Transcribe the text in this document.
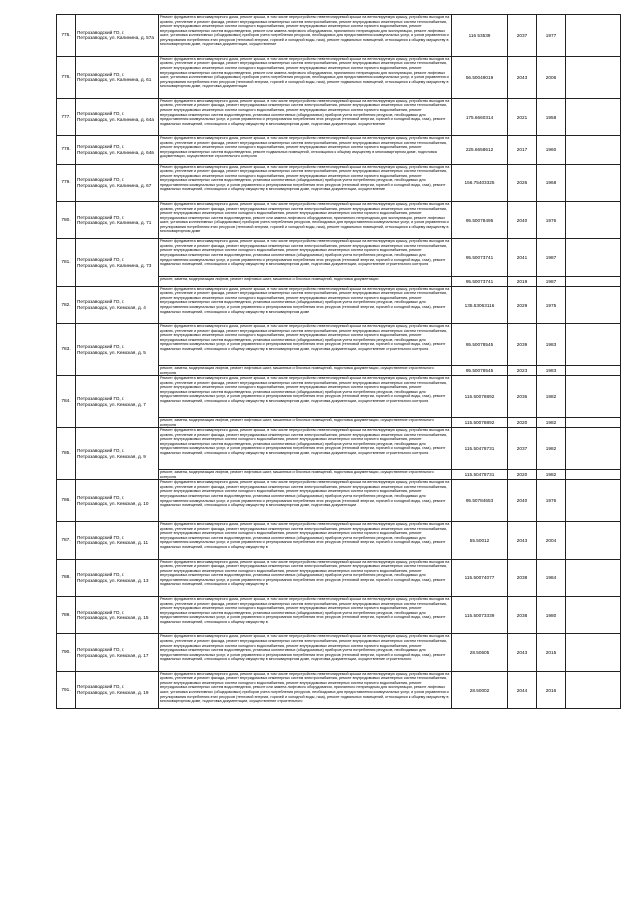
775.	Петрозаводский ГО, г. Петрозаводск, ул. Калинина, д. 57а	Ремонт фундамента многоквартирного дома, ремонт крыши, в том числе переустройство невентилируемой крыши на вентилируемую крышу, устройство выходов на кровлю, утепление и ремонт фасада, ремонт внутридомовых инженерных систем электроснабжения, ремонт внутридомовых инженерных систем теплоснабжения, ремонт внутридомовых инженерных систем холодного водоснабжения, ремонт внутридомовых инженерных систем горячего водоснабжения, ремонт внутридомовых инженерных систем водоотведения, ремонт или замена лифтового оборудования, признанного непригодным для эксплуатации, ремонт лифтовых шахт, установка коллективных (общедомовых) приборов учета потребления ресурсов, необходимых для предоставления коммунальных услуг, и узлов управления и регулирования потребления этих ресурсов (тепловой энергии, горячей и холодной воды, газа), ремонт подвальных помещений, относящихся к общему имуществу в многоквартирном доме, подготовка документации, осуществление	116 53539	2037	1977	
776.	Петрозаводский ГО, г. Петрозаводск, ул. Калинина, д. 61	Ремонт фундамента многоквартирного дома, ремонт крыши, в том числе переустройство невентилируемой крыши на вентилируемую крышу, устройство выходов на кровлю, утепление и ремонт фасада, ремонт внутридомовых инженерных систем электроснабжения, ремонт внутридомовых инженерных систем теплоснабжения, ремонт внутридомовых инженерных систем холодного водоснабжения, ремонт внутридомовых инженерных систем горячего водоснабжения, ремонт внутридомовых инженерных систем водоотведения, ремонт или замена лифтового оборудования, признанного непригодным для эксплуатации, ремонт лифтовых шахт, установка коллективных (общедомовых) приборов учета потребления ресурсов, необходимых для предоставления коммунальных услуг, и узлов управления и регулирования потребления этих ресурсов (тепловой энергии, горячей и холодной воды, газа), ремонт подвальных помещений, относящихся к общему имуществу в многоквартирном доме, подготовка документации	56.50049019	2043	2006	
777.	Петрозаводский ГО, г. Петрозаводск, ул. Калинина, д. 64а	Ремонт фундамента многоквартирного дома, ремонт крыши, в том числе переустройство невентилируемой крыши на вентилируемую крышу, устройство выходов на кровлю, утепление и ремонт фасада, ремонт внутридомовых инженерных систем электроснабжения, ремонт внутридомовых инженерных систем теплоснабжения, ремонт внутридомовых инженерных систем холодного водоснабжения, ремонт внутридомовых инженерных систем горячего водоснабжения, ремонт внутридомовых инженерных систем водоотведения, установка коллективных (общедомовых) приборов учета потребления ресурсов, необходимых для предоставления коммунальных услуг, и узлов управления и регулирования потребления этих ресурсов (тепловой энергии, горячей и холодной воды, газа), ремонт подвальных помещений, относящихся к общему имуществу в многоквартирном доме, подготовка документации, осуществление	175.6660314	2021	1958	
778.	Петрозаводский ГО, г. Петрозаводск, ул. Калинина, д. 64в	Ремонт фундамента многоквартирного дома, ремонт крыши, в том числе переустройство невентилируемой крыши на вентилируемую крышу, устройство выходов на кровлю, утепление и ремонт фасада, ремонт внутридомовых инженерных систем электроснабжения, ремонт внутридомовых инженерных систем теплоснабжения, ремонт внутридомовых инженерных систем холодного водоснабжения, ремонт внутридомовых инженерных систем горячего водоснабжения, ремонт внутридомовых инженерных систем водоотведения, ремонт подвальных помещений, относящихся к общему имуществу в многоквартирном доме, подготовка документации, осуществление строительного контроля	225.6658612	2017	1960	
779.	Петрозаводский ГО, г. Петрозаводск, ул. Калинина, д. 67	Ремонт фундамента многоквартирного дома, ремонт крыши, в том числе переустройство невентилируемой крыши на вентилируемую крышу, устройство выходов на кровлю, утепление и ремонт фасада, ремонт внутридомовых инженерных систем электроснабжения, ремонт внутридомовых инженерных систем теплоснабжения, ремонт внутридомовых инженерных систем холодного водоснабжения, ремонт внутридомовых инженерных систем горячего водоснабжения, ремонт внутридомовых инженерных систем водоотведения, установка коллективных (общедомовых) приборов учета потребления ресурсов, необходимых для предоставления коммунальных услуг, и узлов управления и регулирования потребления этих ресурсов (тепловой энергии, горячей и холодной воды, газа), ремонт подвальных помещений, относящихся к общему имуществу в многоквартирном доме, подготовка документации, осуществление	156.75403325	2026	1968	
780.	Петрозаводский ГО, г. Петрозаводск, ул. Калинина, д. 71	Ремонт фундамента многоквартирного дома, ремонт крыши, в том числе переустройство невентилируемой крыши на вентилируемую крышу, устройство выходов на кровлю, утепление и ремонт фасада, ремонт внутридомовых инженерных систем электроснабжения, ремонт внутридомовых инженерных систем теплоснабжения, ремонт внутридомовых инженерных систем холодного водоснабжения, ремонт внутридомовых инженерных систем горячего водоснабжения, ремонт внутридомовых инженерных систем водоотведения, ремонт или замена лифтового оборудования, признанного непригодным для эксплуатации, ремонт лифтовых шахт, установка коллективных (общедомовых) приборов учета потребления ресурсов, необходимых для предоставления коммунальных услуг, и узлов управления и регулирования потребления этих ресурсов (тепловой энергии, горячей и холодной воды, газа), ремонт подвальных помещений, относящихся к общему имуществу в многоквартирном доме	95.50078495	2040	1976	
781.	Петрозаводский ГО, г. Петрозаводск, ул. Калинина, д. 73	Ремонт фундамента многоквартирного дома, ремонт крыши, в том числе переустройство невентилируемой крыши на вентилируемую крышу, устройство выходов на кровлю, утепление и ремонт фасада, ремонт внутридомовых инженерных систем электроснабжения, ремонт внутридомовых инженерных систем теплоснабжения, ремонт внутридомовых инженерных систем холодного водоснабжения, ремонт внутридомовых инженерных систем горячего водоснабжения, ремонт внутридомовых инженерных систем водоотведения, установка коллективных (общедомовых) приборов учета потребления ресурсов, необходимых для предоставления коммунальных услуг, и узлов управления и регулирования потребления этих ресурсов (тепловой энергии, горячей и холодной воды, газа), ремонт подвальных помещений, относящихся к общему имуществу в многоквартирном доме, подготовка документации, осуществление строительного контроля	95.50073741	2041	1987	

		ремонт, замена, модернизация лифтов, ремонт лифтовых шахт, машинных и блочных помещений, подготовка документации	95.50073741	2019	1987	
782.	Петрозаводский ГО, г. Петрозаводск, ул. Кемская, д. 4	Ремонт фундамента многоквартирного дома, ремонт крыши, в том числе переустройство невентилируемой крыши на вентилируемую крышу, устройство выходов на кровлю, утепление и ремонт фасада, ремонт внутридомовых инженерных систем электроснабжения, ремонт внутридомовых инженерных систем теплоснабжения, ремонт внутридомовых инженерных систем холодного водоснабжения, ремонт внутридомовых инженерных систем горячего водоснабжения, ремонт внутридомовых инженерных систем водоотведения, установка коллективных (общедомовых) приборов учета потребления ресурсов, необходимых для предоставления коммунальных услуг, и узлов управления и регулирования потребления этих ресурсов (тепловой энергии, горячей и холодной воды, газа), ремонт подвальных помещений, относящихся к общему имуществу в многоквартирном доме	135.53063116	2029	1975	
783.	Петрозаводский ГО, г. Петрозаводск, ул. Кемская, д. 5	Ремонт фундамента многоквартирного дома, ремонт крыши, в том числе переустройство невентилируемой крыши на вентилируемую крышу, устройство выходов на кровлю, утепление и ремонт фасада, ремонт внутридомовых инженерных систем электроснабжения, ремонт внутридомовых инженерных систем теплоснабжения, ремонт внутридомовых инженерных систем холодного водоснабжения, ремонт внутридомовых инженерных систем горячего водоснабжения, ремонт внутридомовых инженерных систем водоотведения, установка коллективных (общедомовых) приборов учета потребления ресурсов, необходимых для предоставления коммунальных услуг, и узлов управления и регулирования потребления этих ресурсов (тепловой энергии, горячей и холодной воды, газа), ремонт подвальных помещений, относящихся к общему имуществу в многоквартирном доме, подготовка документации, осуществление строительного контроля	95.50078545	2039	1983	

		ремонт, замена, модернизация лифтов, ремонт лифтовых шахт, машинных и блочных помещений, подготовка документации, осуществление строительного контроля	95.50078545	2023	1983	
784.	Петрозаводский ГО, г. Петрозаводск, ул. Кемская, д. 7	Ремонт фундамента многоквартирного дома, ремонт крыши, в том числе переустройство невентилируемой крыши на вентилируемую крышу, устройство выходов на кровлю, утепление и ремонт фасада, ремонт внутридомовых инженерных систем электроснабжения, ремонт внутридомовых инженерных систем теплоснабжения, ремонт внутридомовых инженерных систем холодного водоснабжения, ремонт внутридомовых инженерных систем горячего водоснабжения, ремонт внутридомовых инженерных систем водоотведения, установка коллективных (общедомовых) приборов учета потребления ресурсов, необходимых для предоставления коммунальных услуг, и узлов управления и регулирования потребления этих ресурсов (тепловой энергии, горячей и холодной воды, газа), ремонт подвальных помещений, относящихся к общему имуществу в многоквартирном доме, подготовка документации, осуществление строительного контроля	115.50078892	2036	1982	

		ремонт, замена, модернизация лифтов, ремонт лифтовых шахт, машинных и блочных помещений, подготовка документации, осуществление строительного контроля	115.50078892	2020	1982	
785.	Петрозаводский ГО, г. Петрозаводск, ул. Кемская, д. 9	Ремонт фундамента многоквартирного дома, ремонт крыши, в том числе переустройство невентилируемой крыши на вентилируемую крышу, устройство выходов на кровлю, утепление и ремонт фасада, ремонт внутридомовых инженерных систем электроснабжения, ремонт внутридомовых инженерных систем теплоснабжения, ремонт внутридомовых инженерных систем холодного водоснабжения, ремонт внутридомовых инженерных систем горячего водоснабжения, ремонт внутридомовых инженерных систем водоотведения, установка коллективных (общедомовых) приборов учета потребления ресурсов, необходимых для предоставления коммунальных услуг, и узлов управления и регулирования потребления этих ресурсов (тепловой энергии, горячей и холодной воды, газа), ремонт подвальных помещений, относящихся к общему имуществу в многоквартирном доме, подготовка документации, осуществление строительного контроля	115.50478731	2037	1982	

		ремонт, замена, модернизация лифтов, ремонт лифтовых шахт, машинных и блочных помещений, подготовка документации, осуществление строительного контроля	115.50478731	2020	1982	
786.	Петрозаводский ГО, г. Петрозаводск, ул. Кемская, д. 10	Ремонт фундамента многоквартирного дома, ремонт крыши, в том числе переустройство невентилируемой крыши на вентилируемую крышу, устройство выходов на кровлю, утепление и ремонт фасада, ремонт внутридомовых инженерных систем электроснабжения, ремонт внутридомовых инженерных систем теплоснабжения, ремонт внутридомовых инженерных систем холодного водоснабжения, ремонт внутридомовых инженерных систем горячего водоснабжения, ремонт внутридомовых инженерных систем водоотведения, установка коллективных (общедомовых) приборов учета потребления ресурсов, необходимых для предоставления коммунальных услуг, и узлов управления и регулирования потребления этих ресурсов (тепловой энергии, горячей и холодной воды, газа), ремонт подвальных помещений, относящихся к общему имуществу в многоквартирном доме, подготовка документации	95.50784653	2040	1976	
787.	Петрозаводский ГО, г. Петрозаводск, ул. Кемская, д. 11	Ремонт фундамента многоквартирного дома, ремонт крыши, в том числе переустройство невентилируемой крыши на вентилируемую крышу, устройство выходов на кровлю, утепление и ремонт фасада, ремонт внутридомовых инженерных систем электроснабжения, ремонт внутридомовых инженерных систем теплоснабжения, ремонт внутридомовых инженерных систем холодного водоснабжения, ремонт внутридомовых инженерных систем горячего водоснабжения, ремонт внутридомовых инженерных систем водоотведения, установка коллективных (общедомовых) приборов учета потребления ресурсов, необходимых для предоставления коммунальных услуг, и узлов управления и регулирования потребления этих ресурсов (тепловой энергии, горячей и холодной воды, газа), ремонт подвальных помещений, относящихся к общему имуществу в	55.50012	2043	2004	
788.	Петрозаводский ГО, г. Петрозаводск, ул. Кемская, д. 13	Ремонт фундамента многоквартирного дома, ремонт крыши, в том числе переустройство невентилируемой крыши на вентилируемую крышу, устройство выходов на кровлю, утепление и ремонт фасада, ремонт внутридомовых инженерных систем электроснабжения, ремонт внутридомовых инженерных систем теплоснабжения, ремонт внутридомовых инженерных систем холодного водоснабжения, ремонт внутридомовых инженерных систем горячего водоснабжения, ремонт внутридомовых инженерных систем водоотведения, установка коллективных (общедомовых) приборов учета потребления ресурсов, необходимых для предоставления коммунальных услуг, и узлов управления и регулирования потребления этих ресурсов (тепловой энергии, горячей и холодной воды, газа), ремонт подвальных помещений, относящихся к общему имуществу в	115.50074077	2038	1984	
789.	Петрозаводский ГО, г. Петрозаводск, ул. Кемская, д. 15	Ремонт фундамента многоквартирного дома, ремонт крыши, в том числе переустройство невентилируемой крыши на вентилируемую крышу, устройство выходов на кровлю, утепление и ремонт фасада, ремонт внутридомовых инженерных систем электроснабжения, ремонт внутридомовых инженерных систем теплоснабжения, ремонт внутридомовых инженерных систем холодного водоснабжения, ремонт внутридомовых инженерных систем горячего водоснабжения, ремонт внутридомовых инженерных систем водоотведения, установка коллективных (общедомовых) приборов учета потребления ресурсов, необходимых для предоставления коммунальных услуг, и узлов управления и регулирования потребления этих ресурсов (тепловой энергии, горячей и холодной воды, газа), ремонт подвальных помещений, относящихся к общему имуществу в	115.50073339	2038	1980	
790.	Петрозаводский ГО, г. Петрозаводск, ул. Кемская, д. 17	Ремонт фундамента многоквартирного дома, ремонт крыши, в том числе переустройство невентилируемой крыши на вентилируемую крышу, устройство выходов на кровлю, утепление и ремонт фасада, ремонт внутридомовых инженерных систем электроснабжения, ремонт внутридомовых инженерных систем теплоснабжения, ремонт внутридомовых инженерных систем холодного водоснабжения, ремонт внутридомовых инженерных систем горячего водоснабжения, ремонт внутридомовых инженерных систем водоотведения, установка коллективных (общедомовых) приборов учета потребления ресурсов, необходимых для предоставления коммунальных услуг, и узлов управления и регулирования потребления этих ресурсов (тепловой энергии, горячей и холодной воды, газа), ремонт подвальных помещений, относящихся к общему имуществу в многоквартирном доме, подготовка документации, осуществление строительного	28.50605	2043	2015	
791.	Петрозаводский ГО, г. Петрозаводск, ул. Кемская, д. 19	Ремонт фундамента многоквартирного дома, ремонт крыши, в том числе переустройство невентилируемой крыши на вентилируемую крышу, устройство выходов на кровлю, утепление и ремонт фасада, ремонт внутридомовых инженерных систем электроснабжения, ремонт внутридомовых инженерных систем теплоснабжения, ремонт внутридомовых инженерных систем холодного водоснабжения, ремонт внутридомовых инженерных систем горячего водоснабжения, ремонт внутридомовых инженерных систем водоотведения, ремонт или замена лифтового оборудования, признанного непригодным для эксплуатации, ремонт лифтовых шахт, установка коллективных (общедомовых) приборов учета потребления ресурсов, необходимых для предоставления коммунальных услуг, и узлов управления и регулирования потребления этих ресурсов (тепловой энергии, горячей и холодной воды, газа), ремонт подвальных помещений, относящихся к общему имуществу в многоквартирном доме, подготовка документации, осуществление строительного	28.50002	2044	2016	
